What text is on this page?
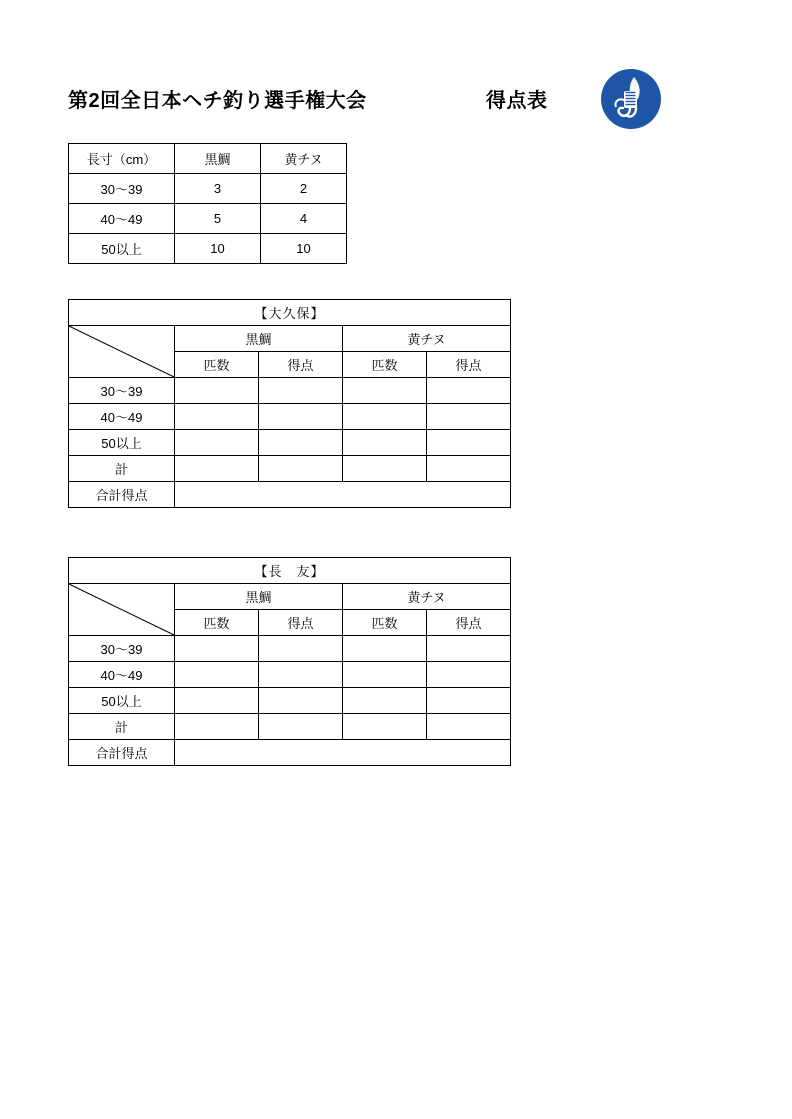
第2回全日本ヘチ釣り選手権大会	得点表
長寸（cm）	黒鯛	黄チヌ
30〜39	3	2
40〜49	5	4
50以上	10	10
【大久保】				

	黒鯛		黄チヌ	
	匹数	得点	匹数	得点
30〜39				
40〜49				
50以上				
計				
合計得点				
【長　友】				

	黒鯛		黄チヌ	
	匹数	得点	匹数	得点
30〜39				
40〜49				
50以上				
計				
合計得点				
